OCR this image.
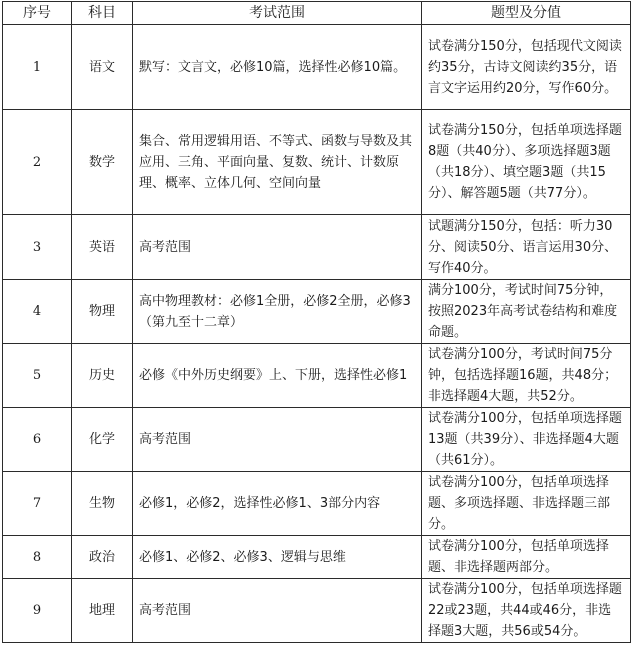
序号	科目	考试范围	题型及分值
1	语文	默写：文言文，必修10篇，选择性必修10篇。	试卷满分150分，包括现代文阅读约35分，古诗文阅读约35分，语言文字运用约20分，写作60分。
2	数学	集合、常用逻辑用语、不等式、函数与导数及其应用、三角、平面向量、复数、统计、计数原理、概率、立体几何、空间向量	试卷满分150分，包括单项选择题8题（共40分）、多项选择题3题（共18分）、填空题3题（共15分）、解答题5题（共77分）。
3	英语	高考范围	试题满分150分，包括：听力30分、阅读50分、语言运用30分、写作40分。
4	物理	高中物理教材：必修1全册，必修2全册，必修3（第九至十二章）	满分100分，考试时间75分钟，按照2023年高考试卷结构和难度命题。
5	历史	必修《中外历史纲要》上、下册，选择性必修1	试卷满分100分，考试时间75分钟，包括选择题16题，共48分；非选择题4大题，共52分。
6	化学	高考范围	试卷满分100分，包括单项选择题13题（共39分）、非选择题4大题（共61分）。
7	生物	必修1，必修2，选择性必修1、3部分内容	试卷满分100分，包括单项选择题、多项选择题、非选择题三部分。
8	政治	必修1、必修2、必修3、逻辑与思维	试卷满分100分，包括单项选择题、非选择题两部分。
9	地理	高考范围	试卷满分100分，包括单项选择题22或23题，共44或46分，非选择题3大题，共56或54分。
